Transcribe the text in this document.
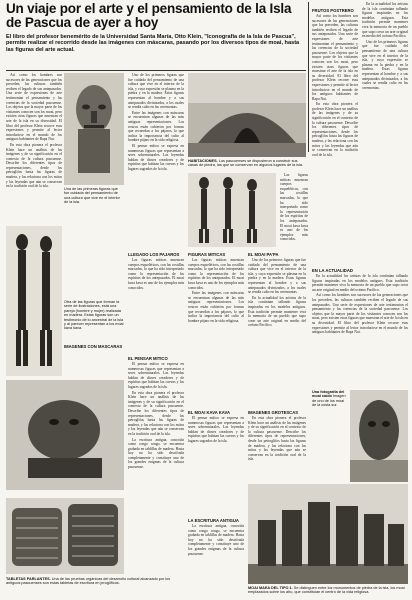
Un viaje por el arte y el pensamiento de la Isla de Pascua de ayer a hoy
El libro del profesor benemérito de la Universidad Santa María, Otto Klein, "Iconografía de la Isla de Pascua", permite realizar el recorrido desde las imágenes con máscaras, pasando por los diversos tipos de moai, hasta las figuras del arte actual.
FRUTOS POSTRERO

Así como los hombres son sucesores de las generaciones que los preceden, las culturas también reciben el legado de sus antepasados. Una serie de expresiones de arte testimonian el pensamiento y las creencias de la sociedad pascuense. Los objetos que la mayor parte de los visitantes conocen son los moai, pero existen otras figuras que muestran el arte de la isla en su diversidad. El libro del profesor Klein recorre esas expresiones y permite al lector introducirse en el mundo de los antiguos habitantes de Rapa Nui.

En esta obra pionera el profesor Klein hace un análisis de las imágenes y de su significación en el contexto de la cultura pascuense. Describe los diferentes tipos de representaciones, desde los petroglifos hasta las figuras de madera, y las relaciona con los mitos y las leyendas que aún se conservan en la tradición oral de la isla.

En la actualidad los artistas de la isla continúan tallando figuras inspiradas en los modelos antiguos. Esta tradición permite mantener viva la memoria de un pueblo que supo crear un arte original en medio del océano Pacífico.

Uno de los primeros figuras que fue cuidada del pensamiento de una cultura que vive en el interior de la isla, y cuya expresión se plasma en la piedra y en la madera. Estas figuras representan al hombre y a sus antepasados divinizados, a los cuales se rendía culto en las ceremonias.

Así como los hombres son sucesores de las generaciones que los preceden, las culturas también reciben el legado de sus antepasados. Una serie de expresiones de arte testimonian el pensamiento y las creencias de la sociedad pascuense. Los objetos que la mayor parte de los visitantes conocen son los moai, pero existen otras figuras que muestran el arte de la isla en su diversidad. El libro del profesor Klein recorre esas expresiones y permite al lector introducirse en el mundo de los antiguos habitantes de Rapa Nui.

En esta obra pionera el profesor Klein hace un análisis de las imágenes y de su significación en el contexto de la cultura pascuense. Describe los diferentes tipos de representaciones, desde los petroglifos hasta las figuras de madera, y las relaciona con los mitos y las leyendas que aún se conservan en la tradición oral de la isla.

Una de las primeras figuras que fue cuidada del pensamiento de una cultura que vive en el interior de la isla.

Uno de los primeros figuras que fue cuidada del pensamiento de una cultura que vive en el interior de la isla, y cuya expresión se plasma en la piedra y en la madera. Estas figuras representan al hombre y a sus antepasados divinizados, a los cuales se rendía culto en las ceremonias.

Entre las imágenes con máscaras se encuentran algunas de las más antiguas representaciones. Los rostros están cubiertos por formas que recuerdan a los pájaros, lo que indica la importancia del culto al hombre pájaro en la vida religiosa.

El pensar mítico se expresa en numerosas figuras que representan a seres sobrenaturales. Las leyendas hablan de dioses creadores y de espíritus que habitan las cuevas y los lugares sagrados de la isla.

LLEGADO LOS PAJAROS

Las figuras míticas muestran cuerpos esqueléticos, con las costillas marcadas, lo que ha sido interpretado como la representación de los espíritus de los antepasados. El moai kava kava es uno de los ejemplos más conocidos.

EL PENSAR MITICO

El pensar mítico se expresa en numerosas figuras que representan a seres sobrenaturales. Las leyendas hablan de dioses creadores y de espíritus que habitan las cuevas y los lugares sagrados de la isla.

En esta obra pionera el profesor Klein hace un análisis de las imágenes y de su significación en el contexto de la cultura pascuense. Describe los diferentes tipos de representaciones, desde los petroglifos hasta las figuras de madera, y las relaciona con los mitos y las leyendas que aún se conservan en la tradición oral de la isla.

La escritura antigua, conocida como rongo rongo, se encuentra grabada en tablillas de madera. Hasta hoy no ha sido descifrada completamente y constituye uno de los grandes enigmas de la cultura pascuense.

HABITACIONES. Los pascuenses se dispusieron a construir sus casas de piedra, las que se conservan en algunos lugares de la isla.

Las figuras míticas muestran cuerpos esqueléticos, con las costillas marcadas, lo que ha sido interpretado como la representación de los espíritus de los antepasados. El moai kava kava es uno de los ejemplos más conocidos.

FIGURAS MITICAS

Las figuras míticas muestran cuerpos esqueléticos, con las costillas marcadas, lo que ha sido interpretado como la representación de los espíritus de los antepasados. El moai kava kava es uno de los ejemplos más conocidos.

Entre las imágenes con máscaras se encuentran algunas de las más antiguas representaciones. Los rostros están cubiertos por formas que recuerdan a los pájaros, lo que indica la importancia del culto al hombre pájaro en la vida religiosa.

EL MOAI KAVA KAVA

El pensar mítico se expresa en numerosas figuras que representan a seres sobrenaturales. Las leyendas hablan de dioses creadores y de espíritus que habitan las cuevas y los lugares sagrados de la isla.

LA ESCRITURA ANTIGUA

La escritura antigua, conocida como rongo rongo, se encuentra grabada en tablillas de madera. Hasta hoy no ha sido descifrada completamente y constituye uno de los grandes enigmas de la cultura pascuense.

EL MOAI PA'PA

Uno de los primeros figuras que fue cuidada del pensamiento de una cultura que vive en el interior de la isla, y cuya expresión se plasma en la piedra y en la madera. Estas figuras representan al hombre y a sus antepasados divinizados, a los cuales se rendía culto en las ceremonias.

En la actualidad los artistas de la isla continúan tallando figuras inspiradas en los modelos antiguos. Esta tradición permite mantener viva la memoria de un pueblo que supo crear un arte original en medio del océano Pacífico.

IMAGENES GROTESCAS

En esta obra pionera el profesor Klein hace un análisis de las imágenes y de su significación en el contexto de la cultura pascuense. Describe los diferentes tipos de representaciones, desde los petroglifos hasta las figuras de madera, y las relaciona con los mitos y las leyendas que aún se conservan en la tradición oral de la isla.

EN LA ACTUALIDAD

En la actualidad los artistas de la isla continúan tallando figuras inspiradas en los modelos antiguos. Esta tradición permite mantener viva la memoria de un pueblo que supo crear un arte original en medio del océano Pacífico.

Así como los hombres son sucesores de las generaciones que los preceden, las culturas también reciben el legado de sus antepasados. Una serie de expresiones de arte testimonian el pensamiento y las creencias de la sociedad pascuense. Los objetos que la mayor parte de los visitantes conocen son los moai, pero existen otras figuras que muestran el arte de la isla en su diversidad. El libro del profesor Klein recorre esas expresiones y permite al lector introducirse en el mundo de los antiguos habitantes de Rapa Nui.

Una fotografía del moai caído Imagen de uno de los moai de la costa sur.
Otra de las figuras que forman la serie de ilustraciones, está una pareja (hombre y mujer) realizada en madera. Estas figuras son un testimonio de lo ancestral de la isla y al parecer representan a los moai kava kava.
IMAGENES CON MASCARAS
TABLETAS PARLANTES. Una de las pruebas orgánicas del desarrollo cultural alcanzado por los antiguos pascuenses son estas tabletas de escritura en jeroglíficos.
MOAI MAEA DEL TIPO 1. Se distinguen entre los monumentos de piedra de la isla, los moai emplazados sobre los ahu, que constituían el centro de la vida religiosa.
